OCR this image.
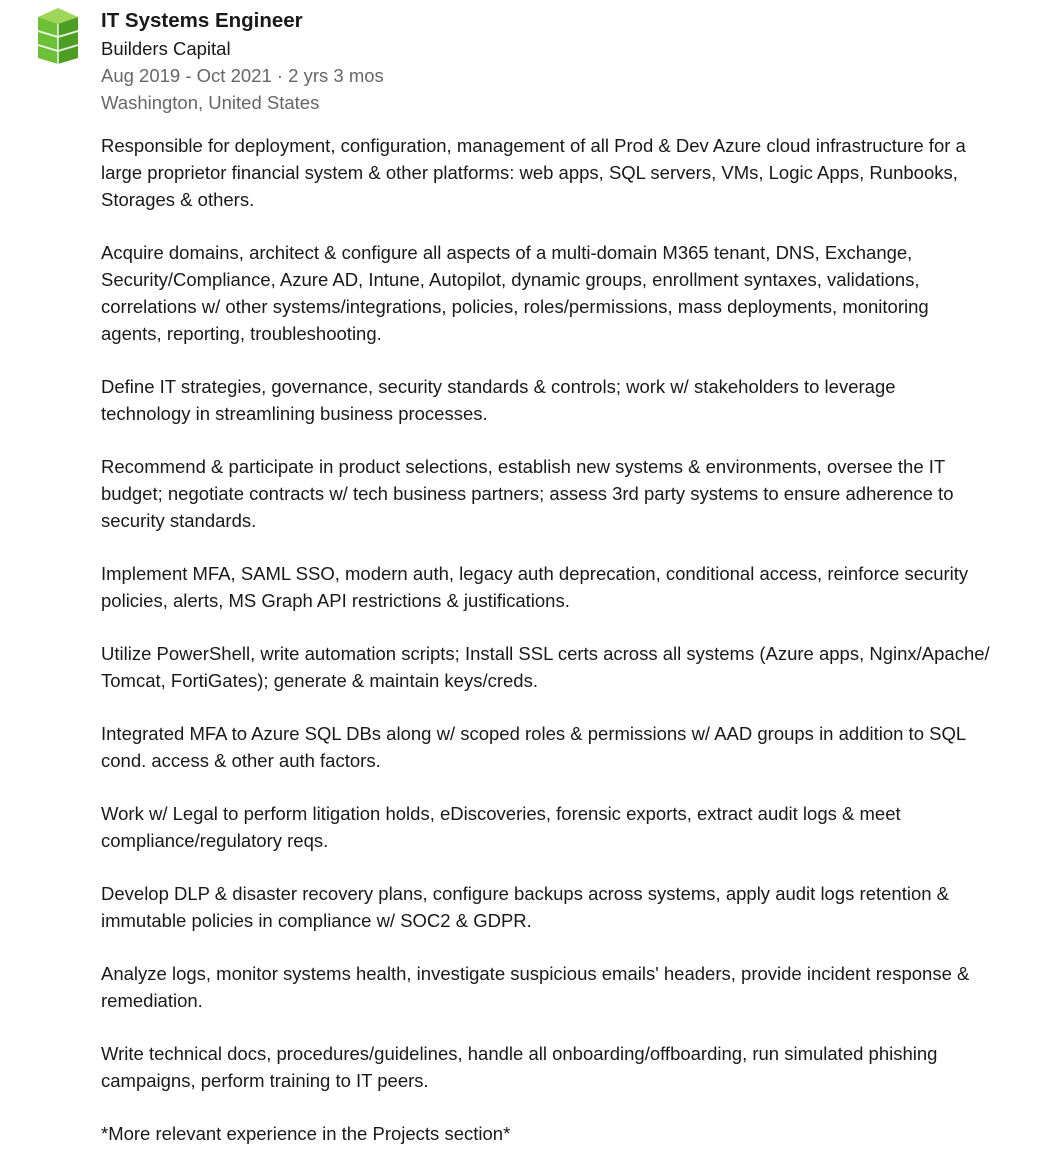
IT Systems Engineer
Builders Capital
Aug 2019 - Oct 2021 · 2 yrs 3 mos
Washington, United States

Responsible for deployment, configuration, management of all Prod & Dev Azure cloud infrastructure for a
large proprietor financial system & other platforms: web apps, SQL servers, VMs, Logic Apps, Runbooks,
Storages & others.

Acquire domains, architect & configure all aspects of a multi-domain M365 tenant, DNS, Exchange,
Security/Compliance, Azure AD, Intune, Autopilot, dynamic groups, enrollment syntaxes, validations,
correlations w/ other systems/integrations, policies, roles/permissions, mass deployments, monitoring
agents, reporting, troubleshooting.

Define IT strategies, governance, security standards & controls; work w/ stakeholders to leverage
technology in streamlining business processes.

Recommend & participate in product selections, establish new systems & environments, oversee the IT
budget; negotiate contracts w/ tech business partners; assess 3rd party systems to ensure adherence to
security standards.

Implement MFA, SAML SSO, modern auth, legacy auth deprecation, conditional access, reinforce security
policies, alerts, MS Graph API restrictions & justifications.

Utilize PowerShell, write automation scripts; Install SSL certs across all systems (Azure apps, Nginx/Apache/
Tomcat, FortiGates); generate & maintain keys/creds.

Integrated MFA to Azure SQL DBs along w/ scoped roles & permissions w/ AAD groups in addition to SQL
cond. access & other auth factors.

Work w/ Legal to perform litigation holds, eDiscoveries, forensic exports, extract audit logs & meet
compliance/regulatory reqs.

Develop DLP & disaster recovery plans, configure backups across systems, apply audit logs retention &
immutable policies in compliance w/ SOC2 & GDPR.

Analyze logs, monitor systems health, investigate suspicious emails' headers, provide incident response &
remediation.

Write technical docs, procedures/guidelines, handle all onboarding/offboarding, run simulated phishing
campaigns, perform training to IT peers.

*More relevant experience in the Projects section*
